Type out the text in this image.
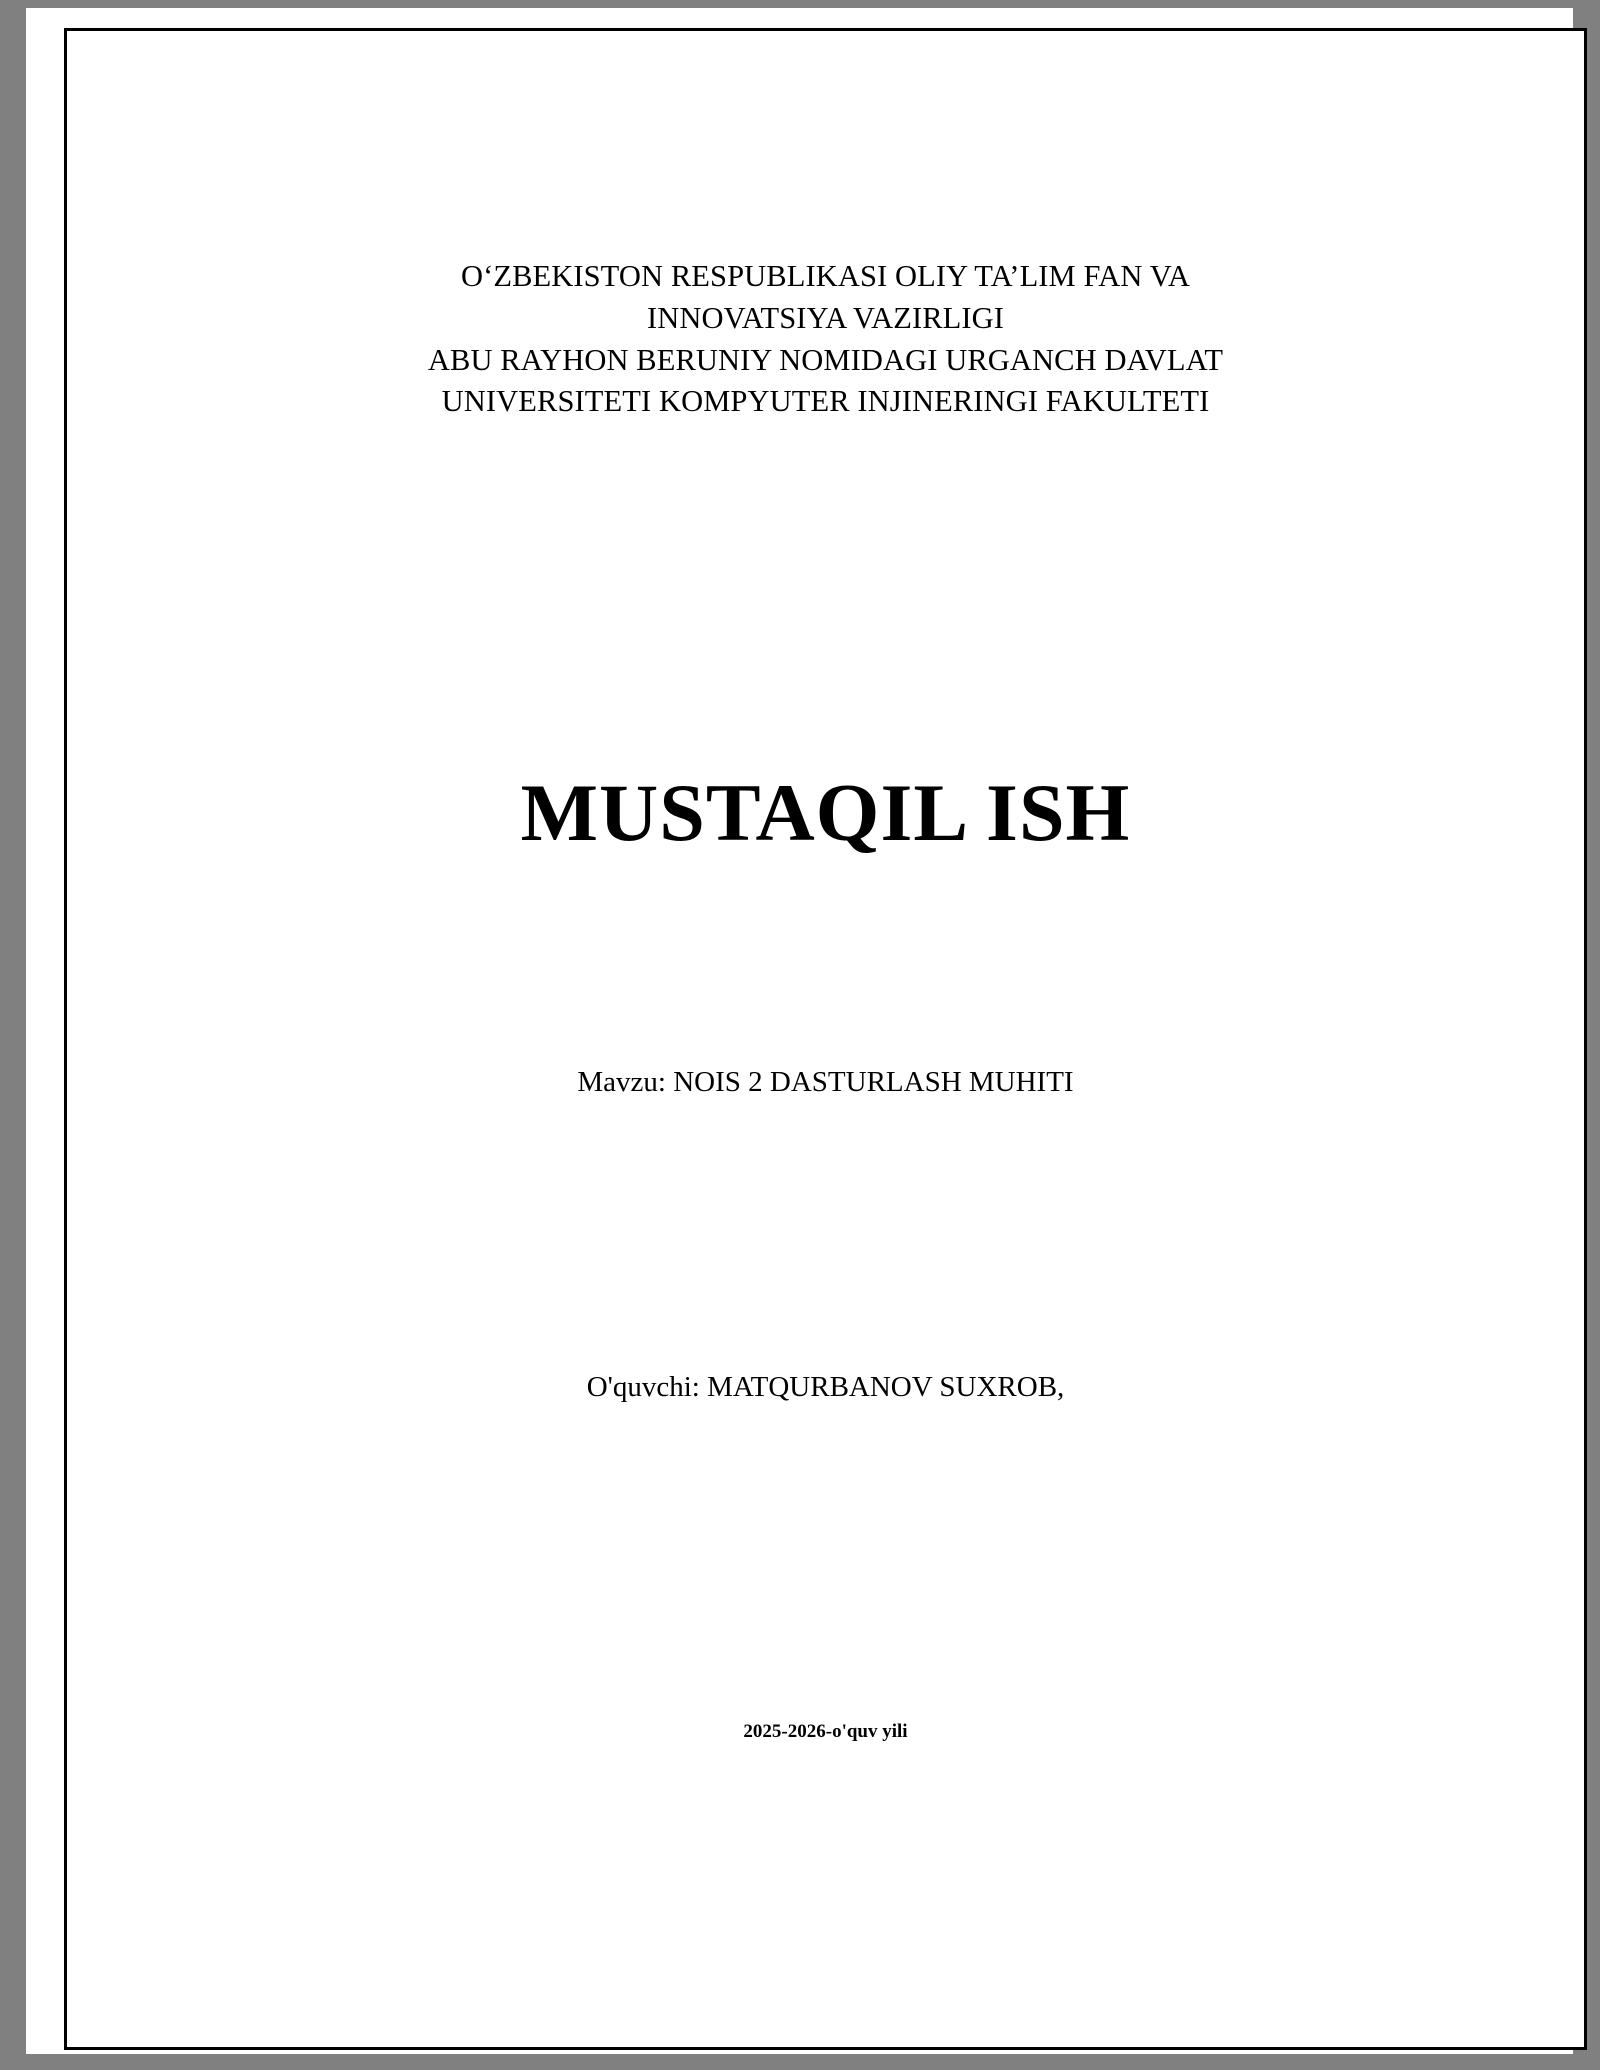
O‘ZBEKISTON RESPUBLIKASI OLIY TA’LIM FAN VA
INNOVATSIYA VAZIRLIGI
ABU RAYHON BERUNIY NOMIDAGI URGANCH DAVLAT
UNIVERSITETI KOMPYUTER INJINERINGI FAKULTETI
MUSTAQIL ISH
Mavzu: NOIS 2 DASTURLASH MUHITI
O'quvchi: MATQURBANOV SUXROB,
2025-2026-o'quv yili
